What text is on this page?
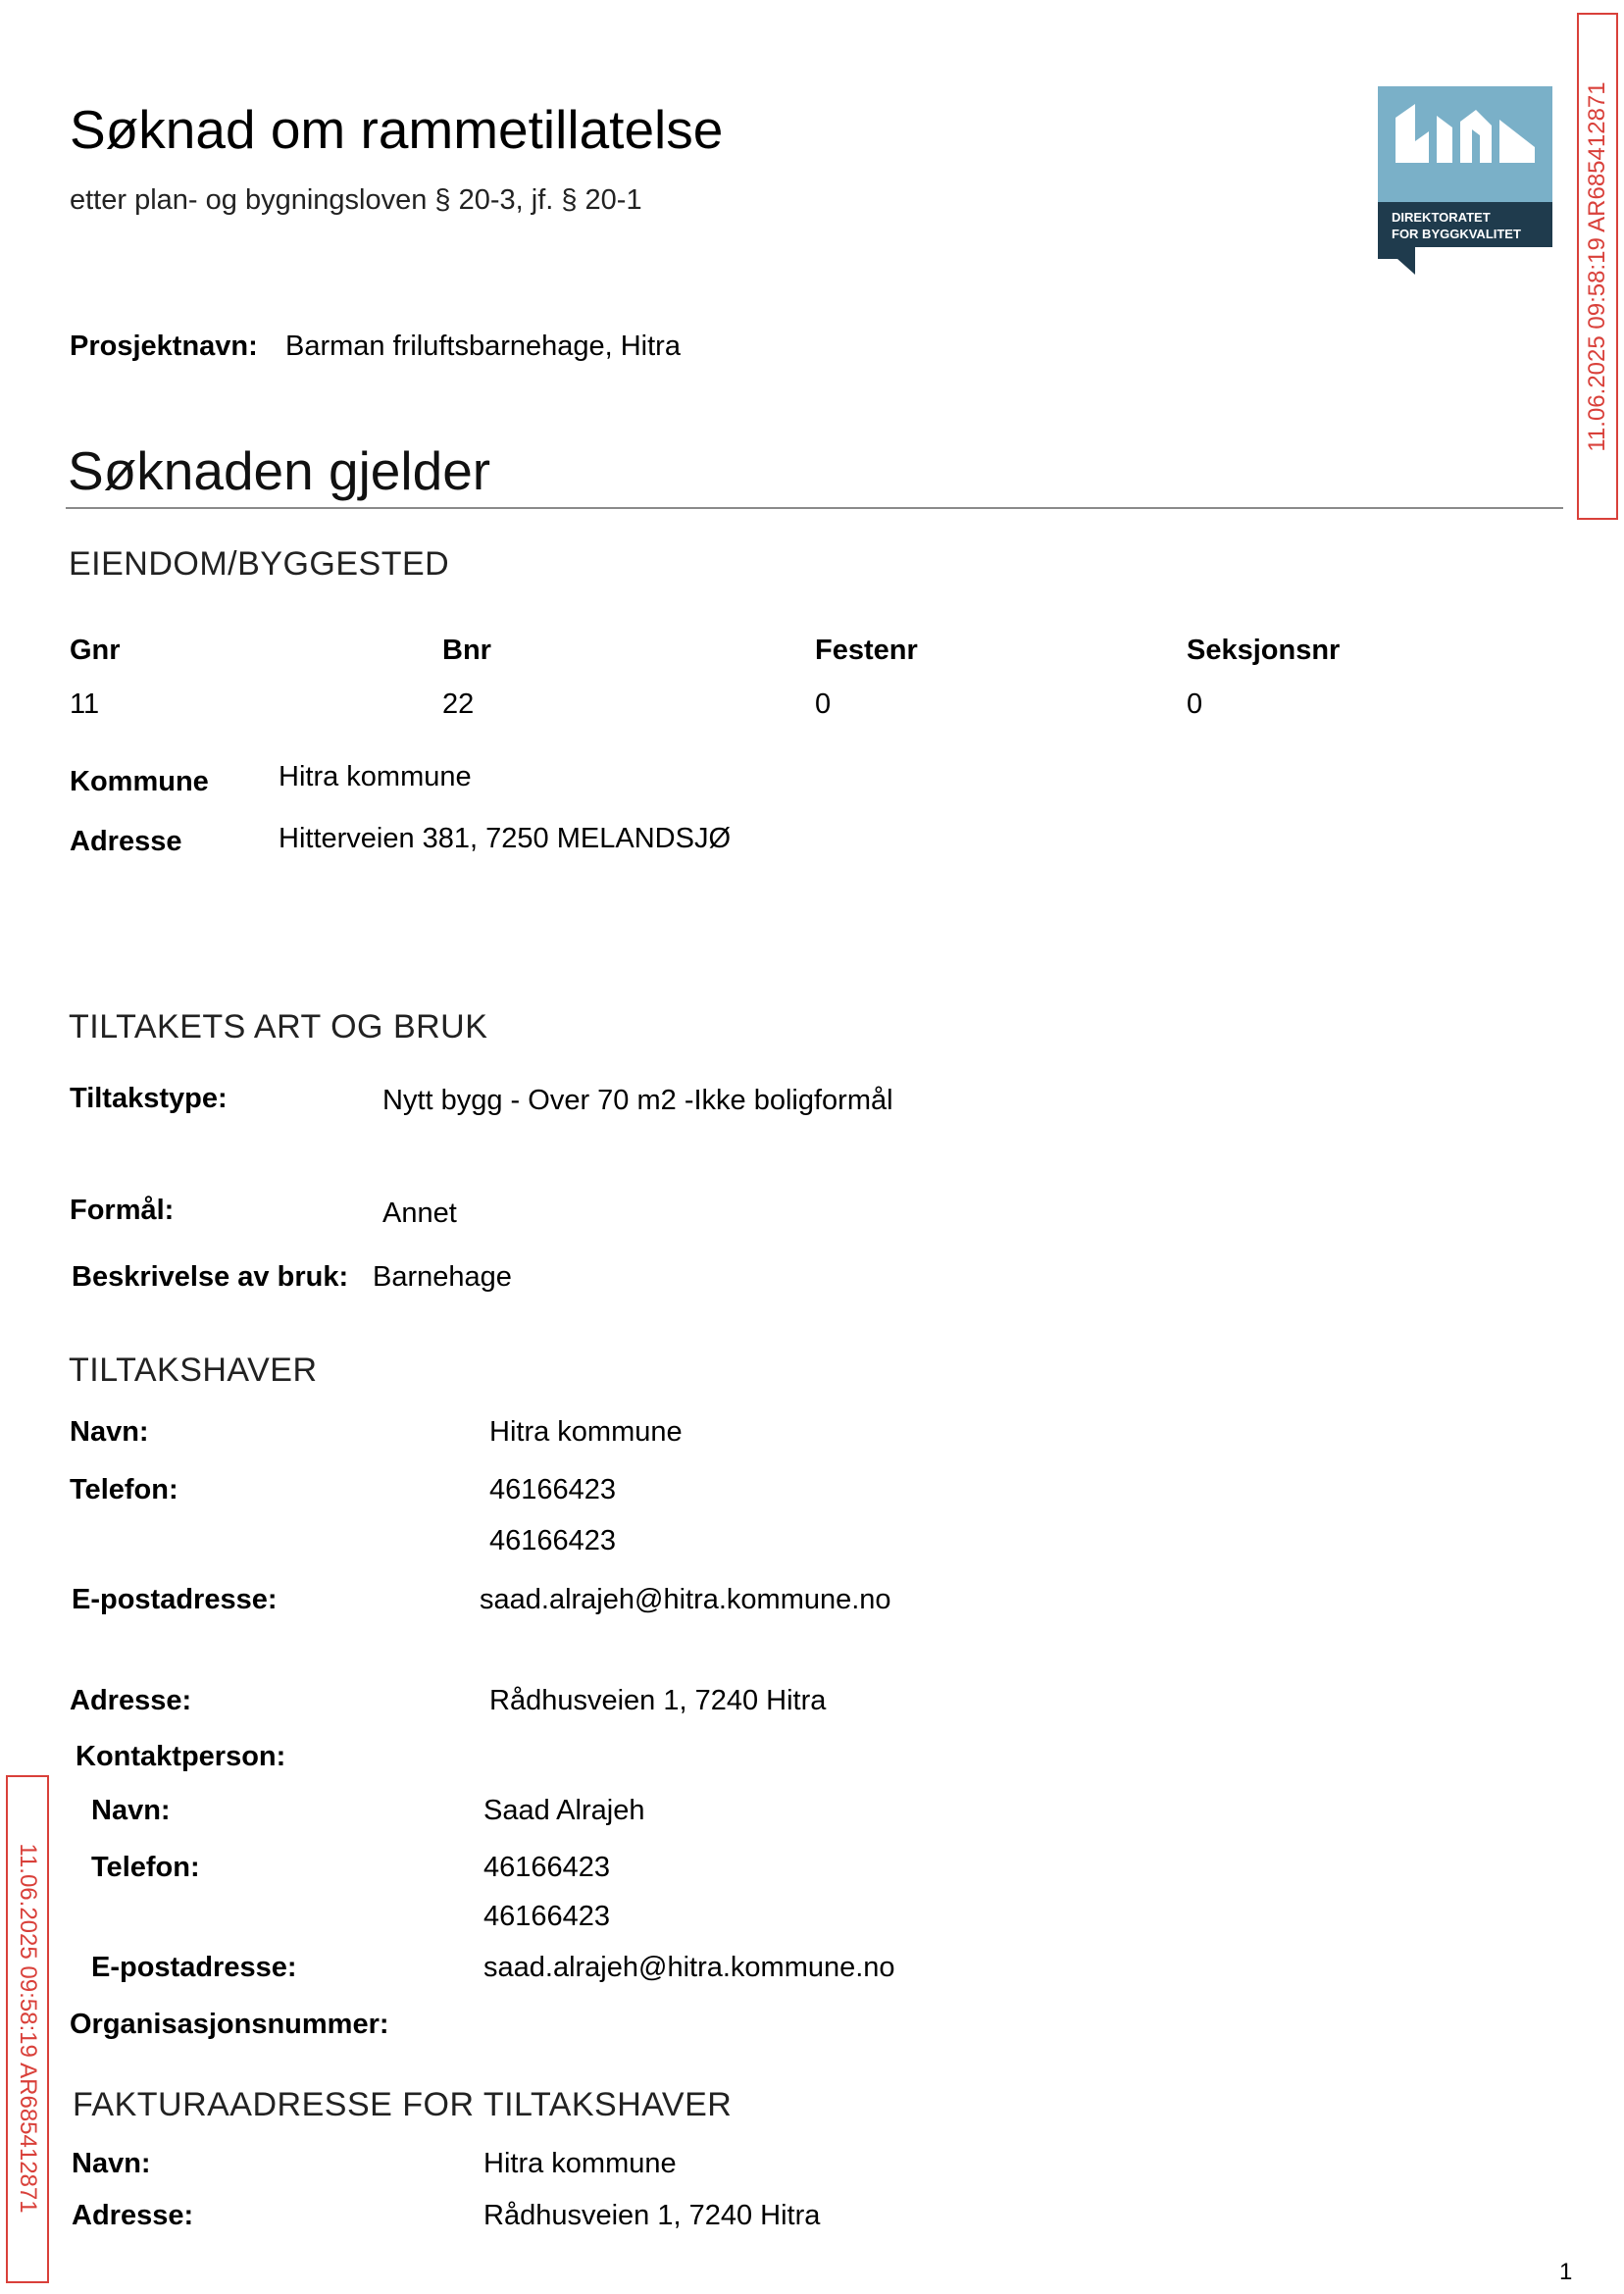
Søknad om rammetillatelse
etter plan- og bygningsloven § 20-3, jf. § 20-1
DIREKTORATET
FOR BYGGKVALITET
Prosjektnavn: Barman friluftsbarnehage, Hitra
Søknaden gjelder
EIENDOM/BYGGESTED
Gnr	Bnr	Festenr	Seksjonsnr
11	22	0	0
Kommune Hitra kommune
Adresse	Hitterveien 381, 7250 MELANDSJØ
TILTAKETS ART OG BRUK
Tiltakstype:	Nytt bygg - Over 70 m2 -Ikke boligformål
Formål:	Annet
Beskrivelse av bruk: Barnehage
TILTAKSHAVER
Navn:	Hitra kommune
Telefon:	46166423
46166423
E-postadresse:	saad.alrajeh@hitra.kommune.no
Adresse:	Rådhusveien 1, 7240 Hitra
Kontaktperson:
Navn:	Saad Alrajeh
Telefon:	46166423
46166423
E-postadresse:	saad.alrajeh@hitra.kommune.no
Organisasjonsnummer:
FAKTURAADRESSE FOR TILTAKSHAVER
Navn:	Hitra kommune
Adresse:	Rådhusveien 1, 7240 Hitra
11.06.2025 09:58:19 AR685412871
11.06.2025 09:58:19 AR685412871
1
